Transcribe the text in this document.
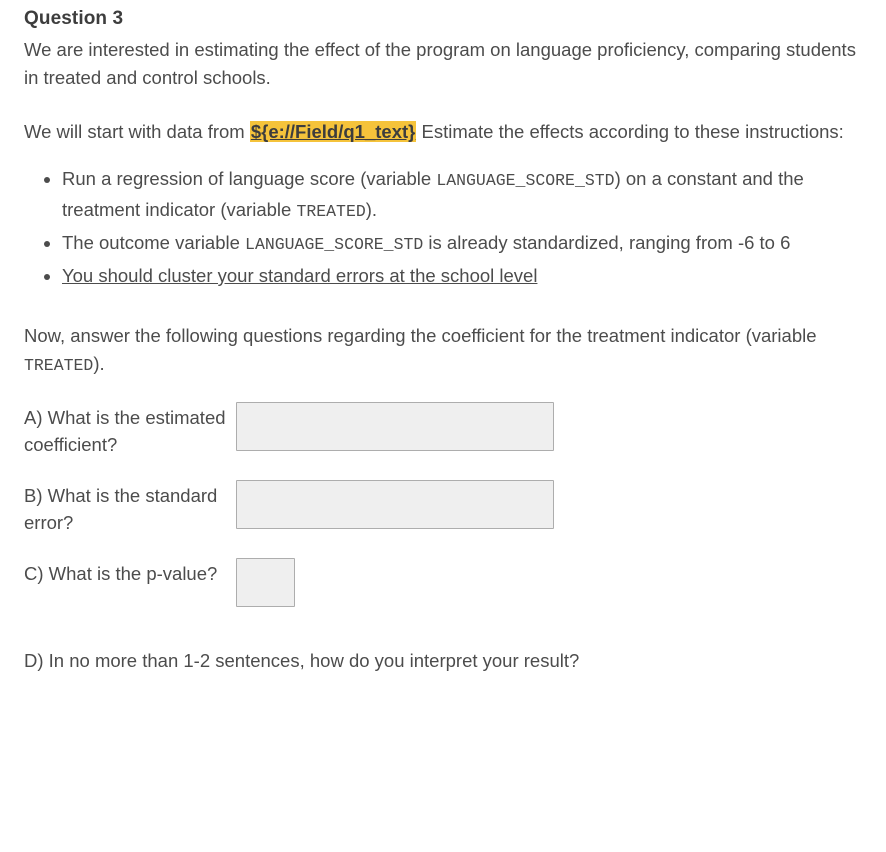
Question 3

We are interested in estimating the effect of the program on language proficiency, comparing students in treated and control schools.

We will start with data from ${e://Field/q1_text} Estimate the effects according to these instructions:

• Run a regression of language score (variable LANGUAGE_SCORE_STD) on a constant and the treatment indicator (variable TREATED).
• The outcome variable LANGUAGE_SCORE_STD is already standardized, ranging from -6 to 6
• You should cluster your standard errors at the school level

Now, answer the following questions regarding the coefficient for the treatment indicator (variable TREATED).

A) What is the estimated coefficient?
B) What is the standard error?
C) What is the p-value?

D) In no more than 1-2 sentences, how do you interpret your result?
